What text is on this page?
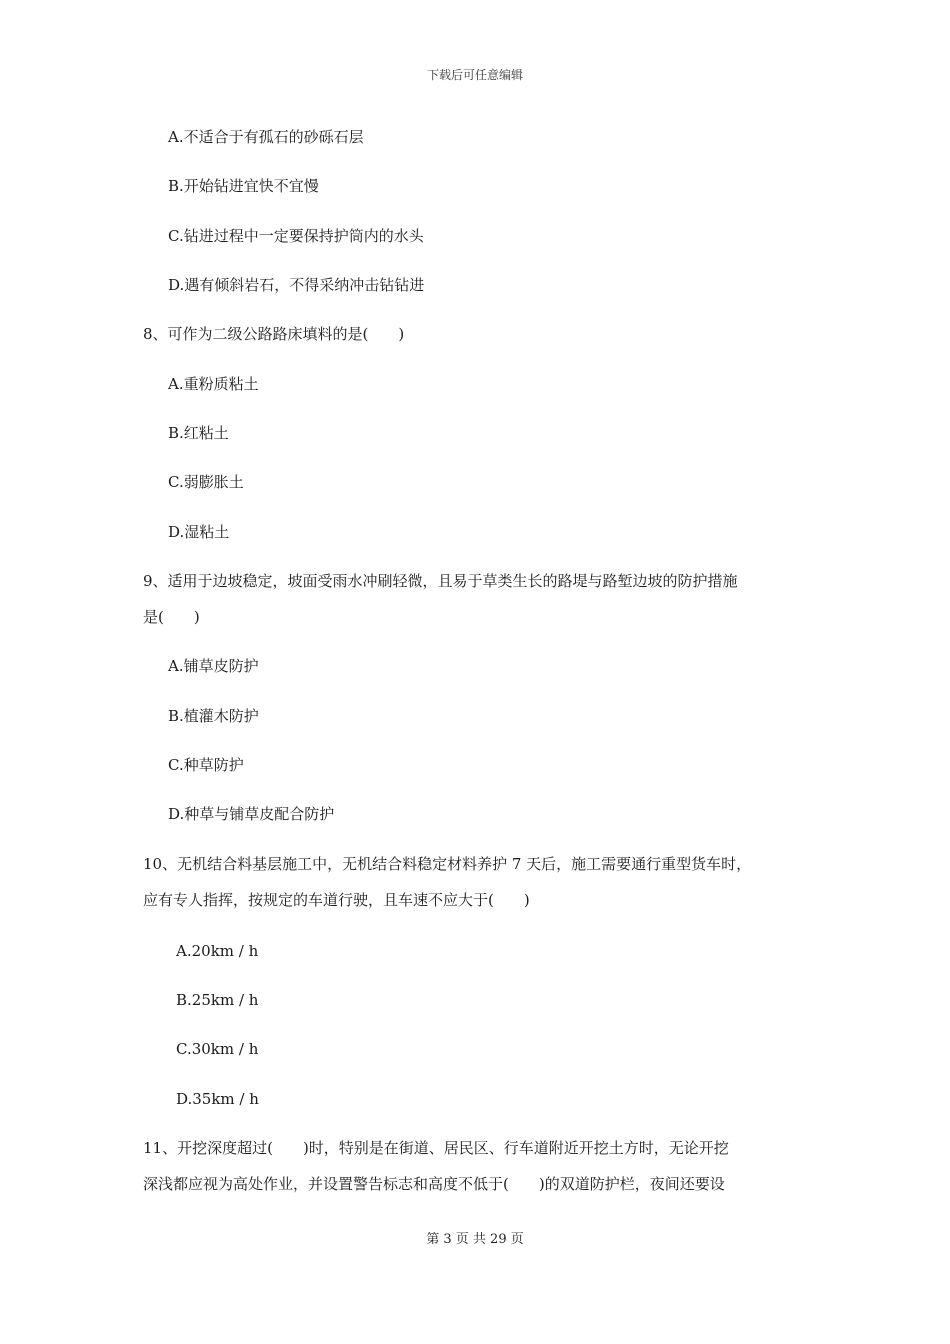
下载后可任意编辑
A.不适合于有孤石的砂砾石层
B.开始钻进宜快不宜慢
C.钻进过程中一定要保持护筒内的水头
D.遇有倾斜岩石，不得采纳冲击钻钻进
8、可作为二级公路路床填料的是(　　)
A.重粉质粘土
B.红粘土
C.弱膨胀土
D.湿粘土
9、适用于边坡稳定，坡面受雨水冲刷轻微，且易于草类生长的路堤与路堑边坡的防护措施
是(　　)
A.铺草皮防护
B.植灌木防护
C.种草防护
D.种草与铺草皮配合防护
10、无机结合料基层施工中，无机结合料稳定材料养护 7 天后，施工需要通行重型货车时，
应有专人指挥，按规定的车道行驶，且车速不应大于(　　)
A.20km / h
B.25km / h
C.30km / h
D.35km / h
11、开挖深度超过(　　)时，特别是在街道、居民区、行车道附近开挖土方时，无论开挖
深浅都应视为高处作业，并设置警告标志和高度不低于(　　)的双道防护栏，夜间还要设
第 3 页 共 29 页
